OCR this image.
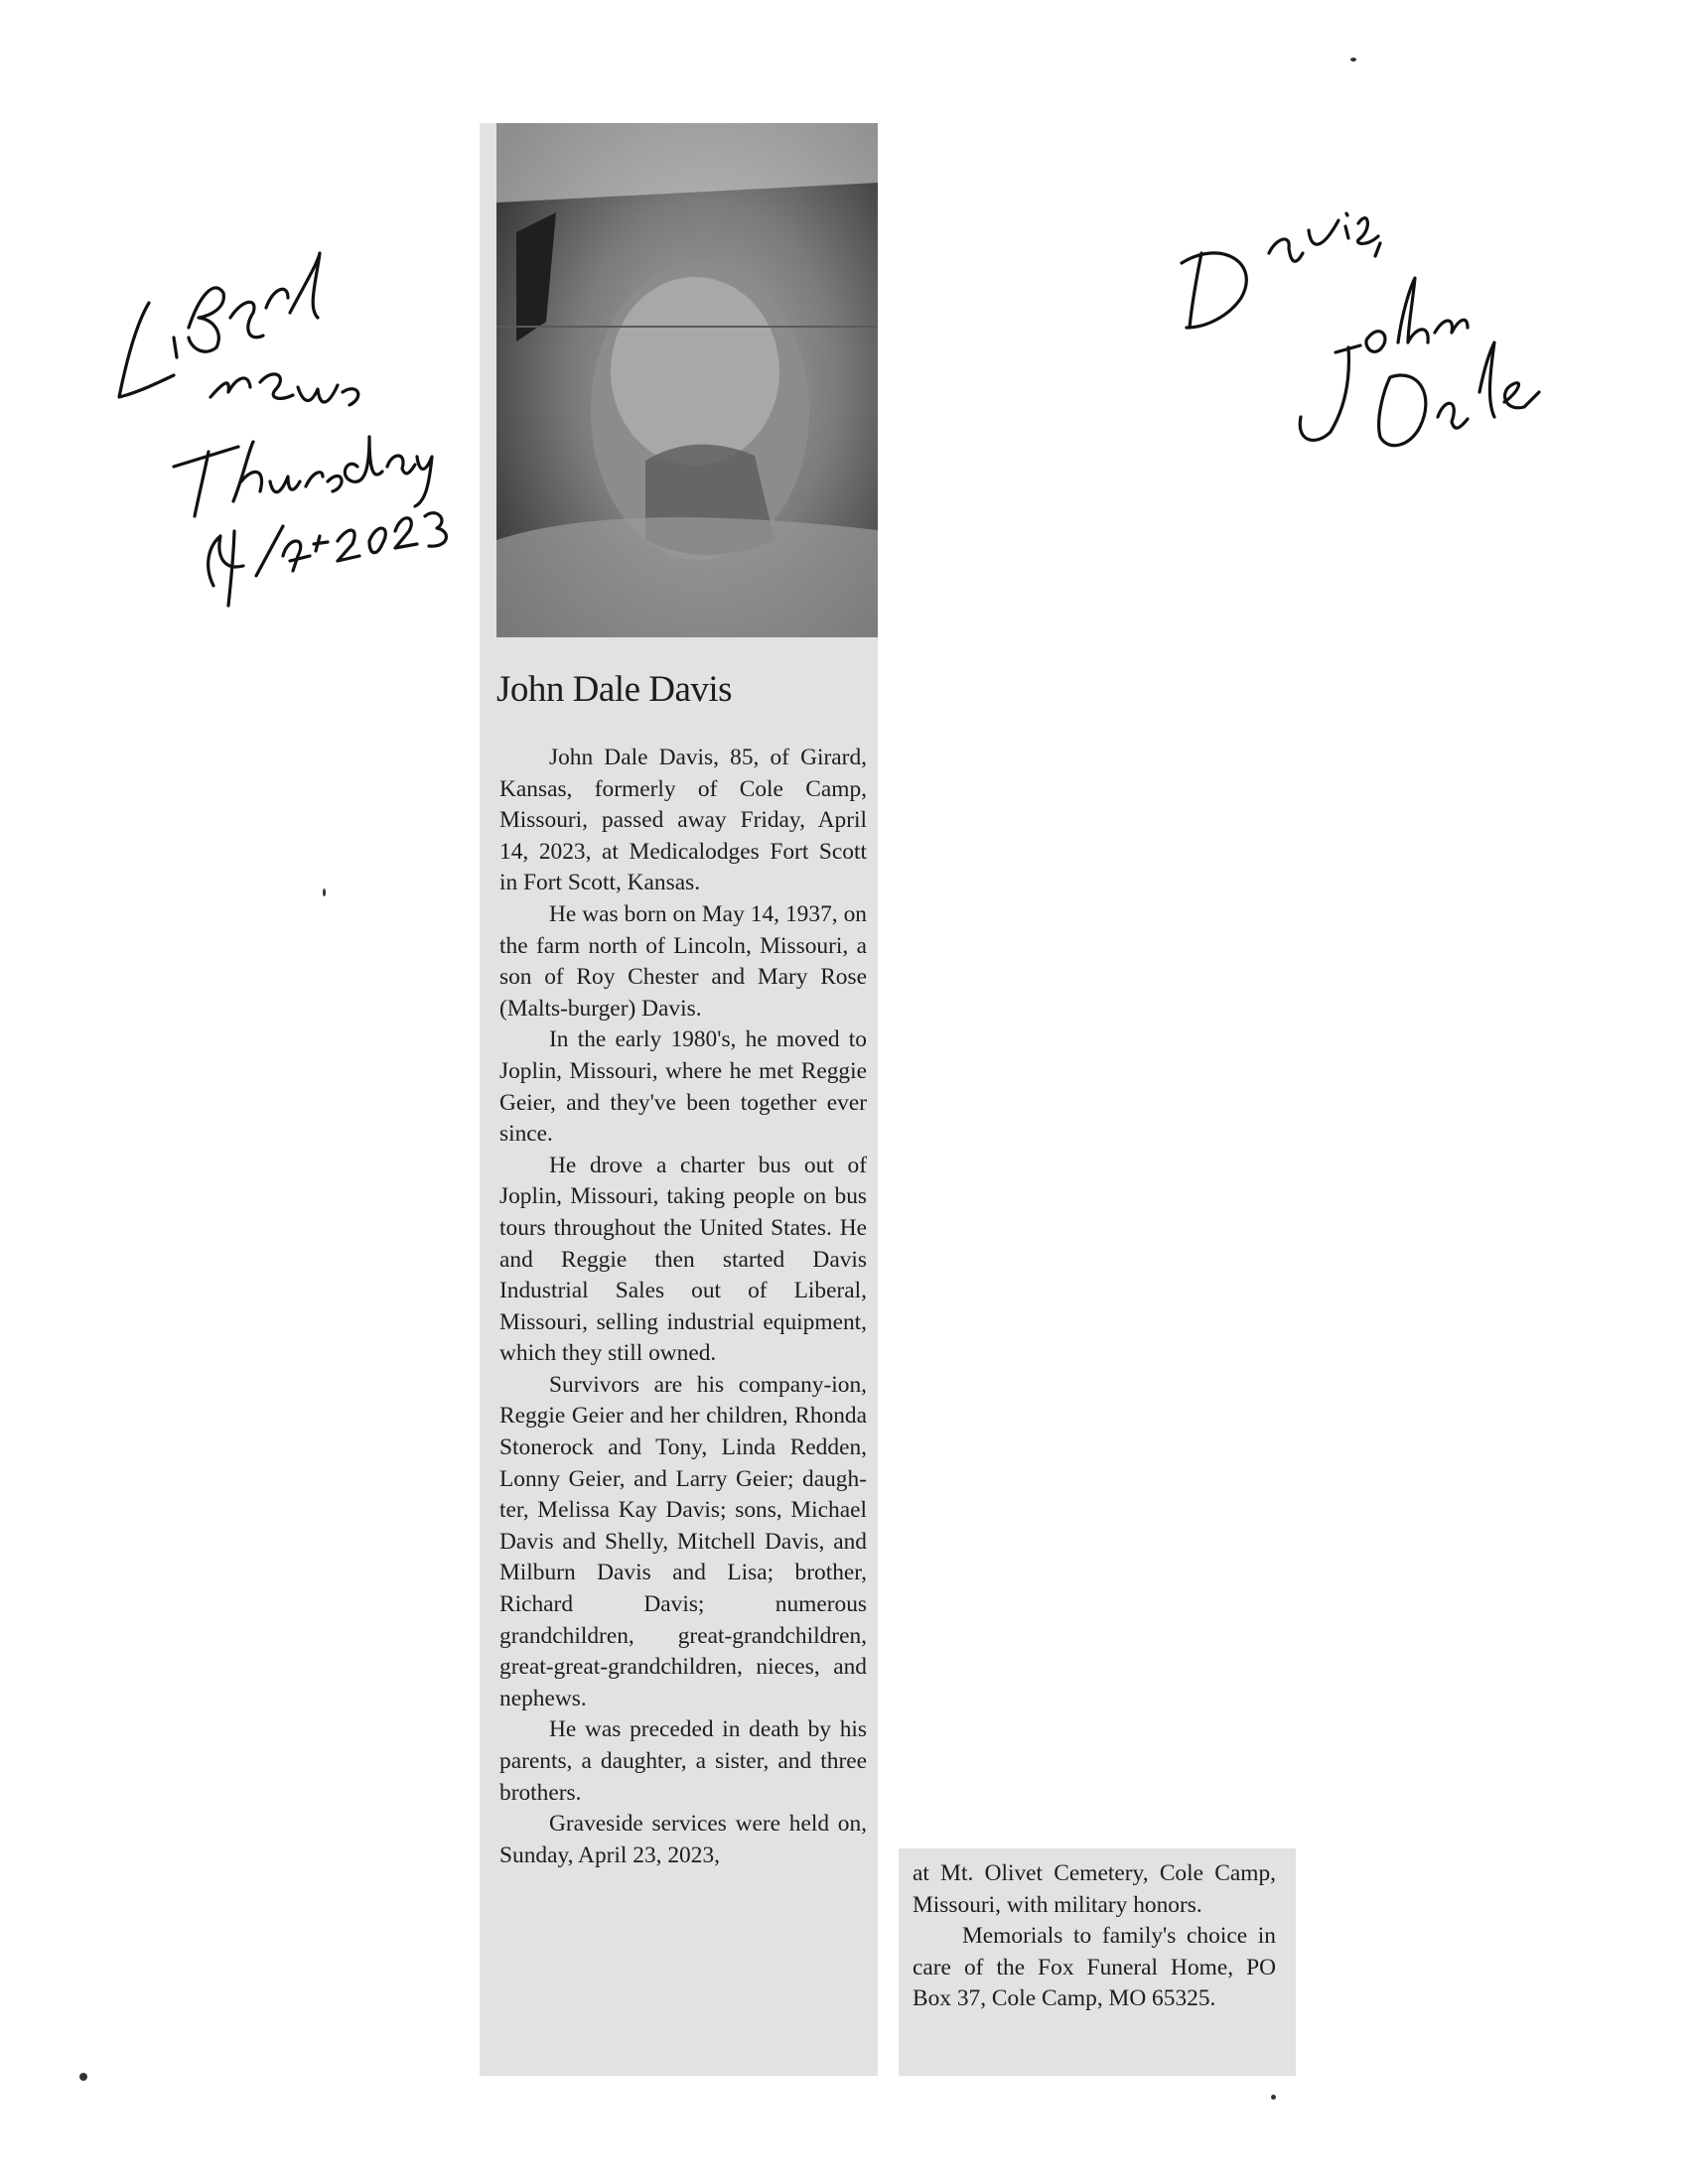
John Dale Davis

John Dale Davis, 85, of Girard, Kansas, formerly of Cole Camp, Missouri, passed away Friday, April 14, 2023, at Medicalodges Fort Scott in Fort Scott, Kansas.

He was born on May 14, 1937, on the farm north of Lincoln, Missouri, a son of Roy Chester and Mary Rose (Malts-burger) Davis.

In the early 1980's, he moved to Joplin, Missouri, where he met Reggie Geier, and they've been together ever since.

He drove a charter bus out of Joplin, Missouri, taking people on bus tours throughout the United States. He and Reggie then started Davis Industrial Sales out of Liberal, Missouri, selling industrial equipment, which they still owned.

Survivors are his company-ion, Reggie Geier and her children, Rhonda Stonerock and Tony, Linda Redden, Lonny Geier, and Larry Geier; daugh-ter, Melissa Kay Davis; sons, Michael Davis and Shelly, Mitchell Davis, and Milburn Davis and Lisa; brother, Richard Davis; numerous grandchildren, great-grandchildren, great-great-grandchildren, nieces, and nephews.

He was preceded in death by his parents, a daughter, a sister, and three brothers.

Graveside services were held on, Sunday, April 23, 2023,

at Mt. Olivet Cemetery, Cole Camp, Missouri, with military honors.

Memorials to family's choice in care of the Fox Funeral Home, PO Box 37, Cole Camp, MO 65325.
